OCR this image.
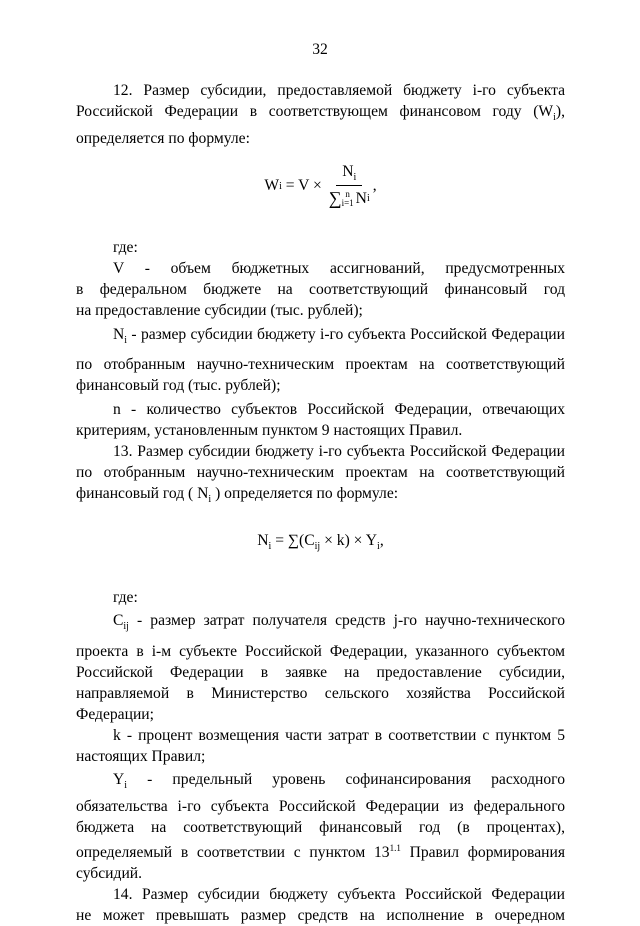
32

12. Размер субсидии, предоставляемой бюджету i-го субъекта

Российской Федерации в соответствующем финансовом году $(W_i)$,

определяется по формуле:

W $i = V \times N_i$
∑ n
i=1 N i ,

где:

V - объем бюджетных ассигнований, предусмотренных

в федеральном бюджете на соответствующий финансовый год

на предоставление субсидии (тыс. рублей);

$N_i$ - размер субсидии бюджету i-го субъекта Российской Федерации

по отобранным научно-техническим проектам на соответствующий

финансовый год (тыс. рублей);

n - количество субъектов Российской Федерации, отвечающих

критериям, установленным пунктом 9 настоящих Правил.

13. Размер субсидии бюджету i-го субъекта Российской Федерации

по отобранным научно-техническим проектам на соответствующий

финансовый год ( $N_i$ ) определяется по формуле:

$N_i = \sum(C_{ij} \times k) \times Y_i$,

где:

$C_{ij}$ - размер затрат получателя средств j-го научно-технического

проекта в i-м субъекте Российской Федерации, указанного субъектом

Российской Федерации в заявке на предоставление субсидии,

направляемой в Министерство сельского хозяйства Российской

Федерации;

k - процент возмещения части затрат в соответствии с пунктом 5

настоящих Правил;

$Y_i$ - предельный уровень софинансирования расходного

обязательства i-го субъекта Российской Федерации из федерального

бюджета на соответствующий финансовый год (в процентах),

определяемый в соответствии с пунктом $13^{1.1}$ Правил формирования

субсидий.

14. Размер субсидии бюджету субъекта Российской Федерации

не может превышать размер средств на исполнение в очередном
